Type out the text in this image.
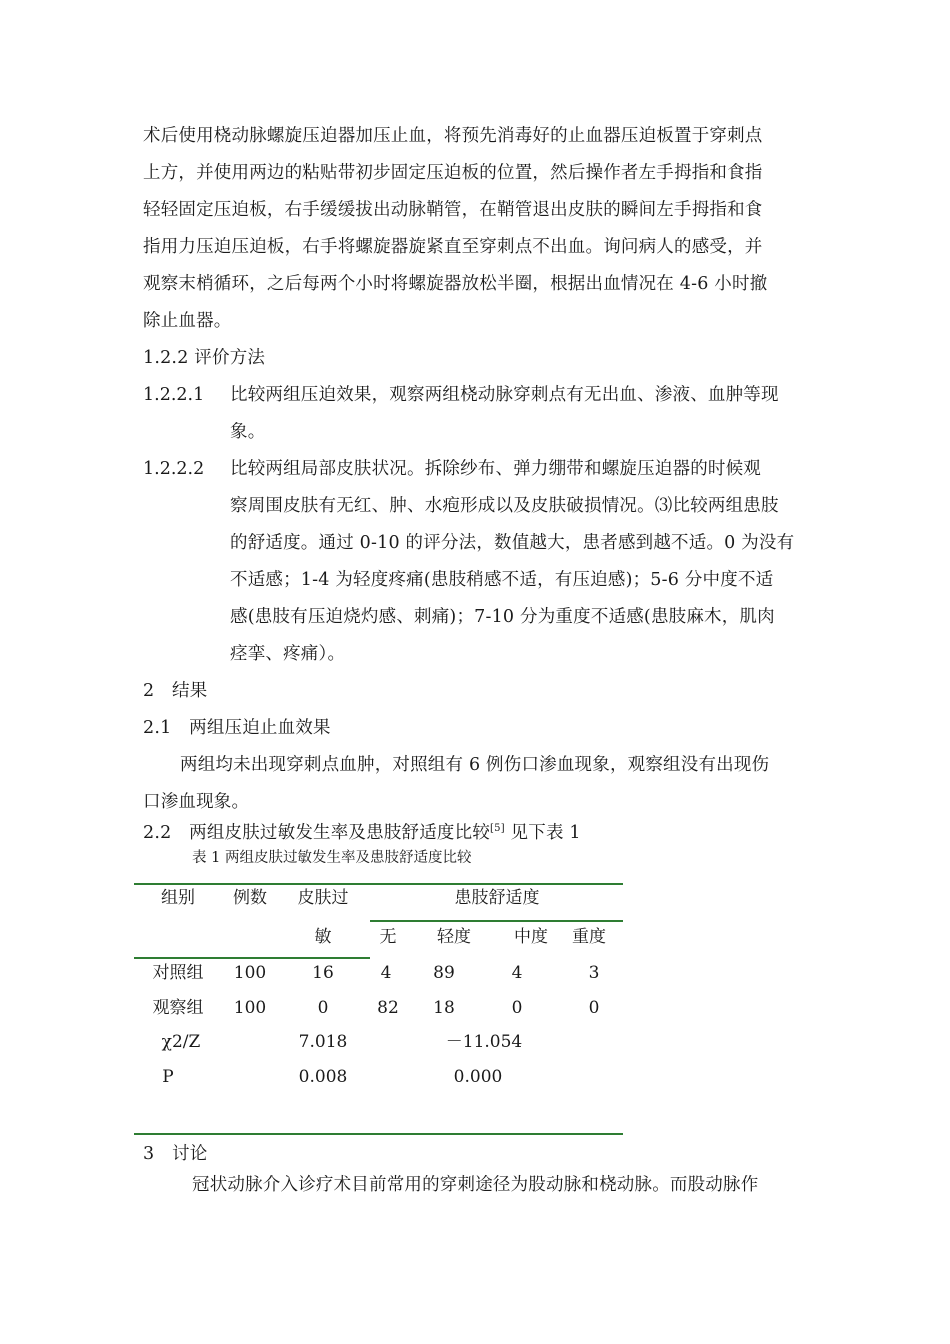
术后使用桡动脉螺旋压迫器加压止血，将预先消毒好的止血器压迫板置于穿刺点
上方，并使用两边的粘贴带初步固定压迫板的位置，然后操作者左手拇指和食指
轻轻固定压迫板，右手缓缓拔出动脉鞘管，在鞘管退出皮肤的瞬间左手拇指和食
指用力压迫压迫板，右手将螺旋器旋紧直至穿刺点不出血。询问病人的感受，并
观察末梢循环，之后每两个小时将螺旋器放松半圈，根据出血情况在 4-6 小时撤
除止血器。
1.2.2 评价方法
1.2.2.1 比较两组压迫效果，观察两组桡动脉穿刺点有无出血、渗液、血肿等现
象。
1.2.2.2 比较两组局部皮肤状况。拆除纱布、弹力绷带和螺旋压迫器的时候观
察周围皮肤有无红、肿、水疱形成以及皮肤破损情况。⑶比较两组患肢
的舒适度。通过 0-10 的评分法，数值越大，患者感到越不适。0 为没有
不适感；1-4 为轻度疼痛(患肢稍感不适，有压迫感)；5-6 分中度不适
感(患肢有压迫烧灼感、刺痛)；7-10 分为重度不适感(患肢麻木，肌肉
痉挛、疼痛）。
2　结果
2.1　两组压迫止血效果
两组均未出现穿刺点血肿，对照组有 6 例伤口渗血现象，观察组没有出现伤
口渗血现象。
2.2　两组皮肤过敏发生率及患肢舒适度比较[5] 见下表 1
表 1 两组皮肤过敏发生率及患肢舒适度比较
组别 例数 皮肤过
敏
患肢舒适度
无 轻度	中度 重度
对照组 100	16	4 89	4	3
观察组 100	0	82 18	0	0
χ2/Z	7.018	－11.054
P	0.008	0.000
3　讨论
冠状动脉介入诊疗术目前常用的穿刺途径为股动脉和桡动脉。而股动脉作
